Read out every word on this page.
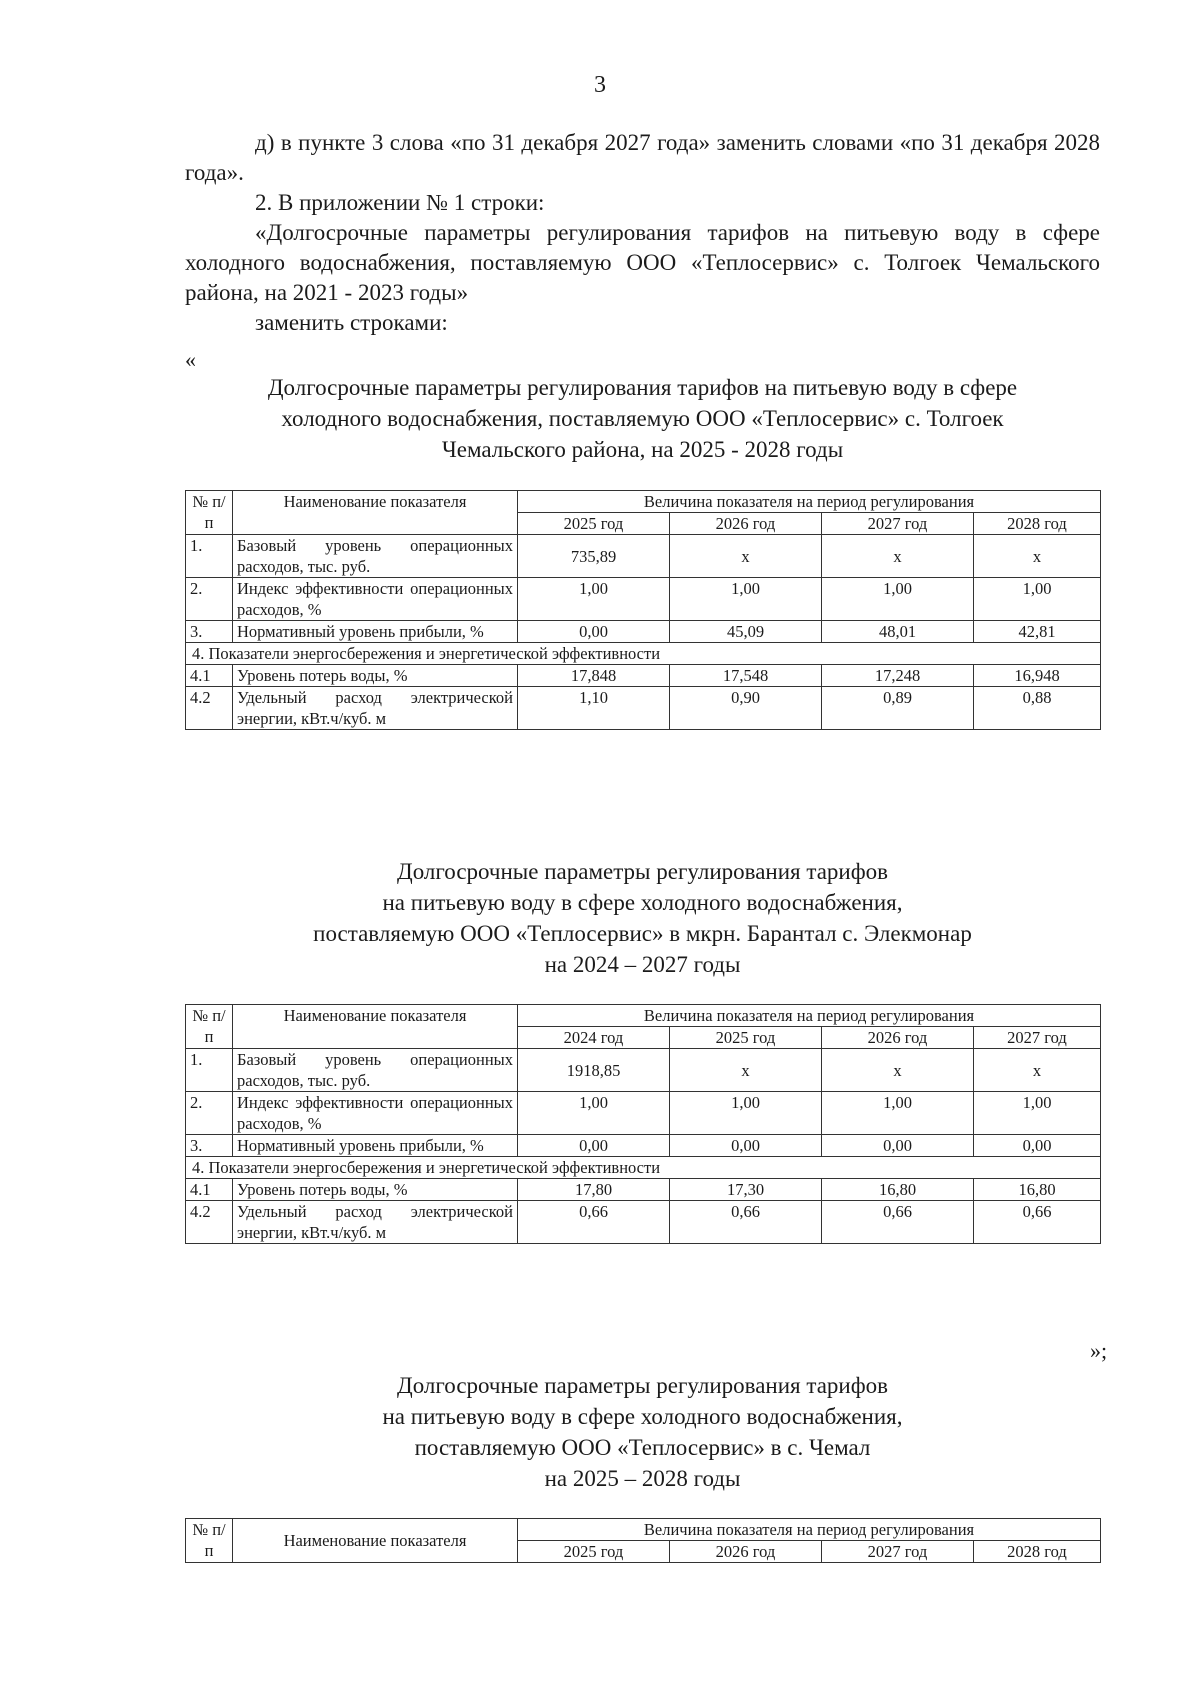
3

д) в пункте 3 слова «по 31 декабря 2027 года» заменить словами «по 31 декабря 2028 года».

2. В приложении № 1 строки:

«Долгосрочные параметры регулирования тарифов на питьевую воду в сфере холодного водоснабжения, поставляемую ООО «Теплосервис» с. Толгоек Чемальского района, на 2021 - 2023 годы»

заменить строками:

«
Долгосрочные параметры регулирования тарифов на питьевую воду в сфере
холодного водоснабжения, поставляемую ООО «Теплосервис» с. Толгоек
Чемальского района, на 2025 - 2028 годы
№ п/п	Наименование показателя	Величина показателя на период регулирования			
		2025 год	2026 год	2027 год	2028 год
1.	Базовый уровень операционных расходов, тыс. руб.	735,89	х	х	х
2.	Индекс эффективности операционных расходов, %	1,00	1,00	1,00	1,00
3.	Нормативный уровень прибыли, %	0,00	45,09	48,01	42,81
4. Показатели энергосбережения и энергетической эффективности					
4.1	Уровень потерь воды, %	17,848	17,548	17,248	16,948
4.2	Удельный расход электрической энергии, кВт.ч/куб. м	1,10	0,90	0,89	0,88
Долгосрочные параметры регулирования тарифов
на питьевую воду в сфере холодного водоснабжения,
поставляемую ООО «Теплосервис» в мкрн. Барантал с. Элекмонар
на 2024 – 2027 годы
№ п/п	Наименование показателя	Величина показателя на период регулирования			
		2024 год	2025 год	2026 год	2027 год
1.	Базовый уровень операционных расходов, тыс. руб.	1918,85	х	х	х
2.	Индекс эффективности операционных расходов, %	1,00	1,00	1,00	1,00
3.	Нормативный уровень прибыли, %	0,00	0,00	0,00	0,00
4. Показатели энергосбережения и энергетической эффективности					
4.1	Уровень потерь воды, %	17,80	17,30	16,80	16,80
4.2	Удельный расход электрической энергии, кВт.ч/куб. м	0,66	0,66	0,66	0,66
»;
Долгосрочные параметры регулирования тарифов
на питьевую воду в сфере холодного водоснабжения,
поставляемую ООО «Теплосервис» в с. Чемал
на 2025 – 2028 годы
№ п/п	Наименование показателя	Величина показателя на период регулирования			
		2025 год	2026 год	2027 год	2028 год
